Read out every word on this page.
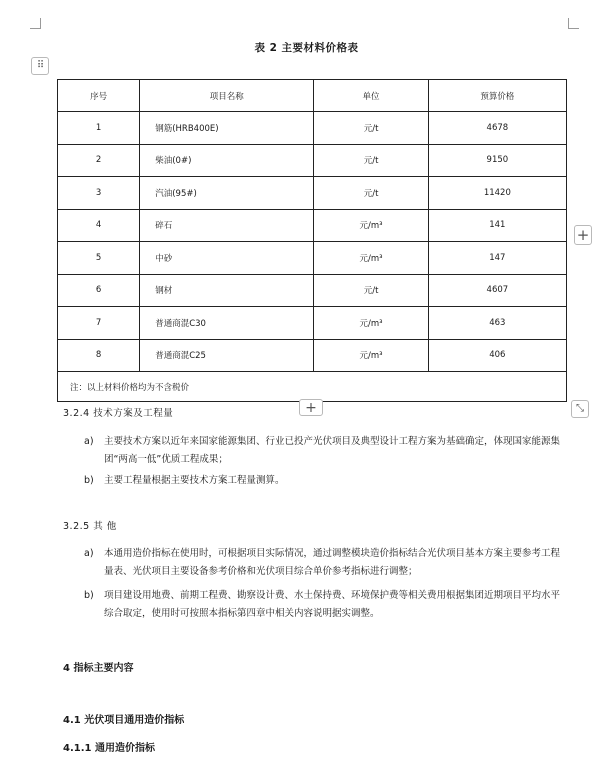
表 2 主要材料价格表
⠿
序号	项目名称	单位	预算价格
1	钢筋(HRB400E)	元/t	4678
2	柴油(0#)	元/t	9150
3	汽油(95#)	元/t	11420
4	碎石	元/m³	141
5	中砂	元/m³	147
6	钢材	元/t	4607
7	普通商混C30	元/m³	463
8	普通商混C25	元/m³	406
注：以上材料价格均为不含税价			
+
+	⤡
3.2.4 技术方案及工程量
a)	主要技术方案以近年来国家能源集团、行业已投产光伏项目及典型设计工程方案为基础确定，体现国家能源集团“两高一低”优质工程成果；
b)	主要工程量根据主要技术方案工程量测算。
3.2.5 其 他
a)	本通用造价指标在使用时，可根据项目实际情况，通过调整模块造价指标结合光伏项目基本方案主要参考工程量表、光伏项目主要设备参考价格和光伏项目综合单价参考指标进行调整；
b)	项目建设用地费、前期工程费、勘察设计费、水土保持费、环境保护费等相关费用根据集团近期项目平均水平综合取定，使用时可按照本指标第四章中相关内容说明据实调整。
4 指标主要内容
4.1 光伏项目通用造价指标
4.1.1 通用造价指标
